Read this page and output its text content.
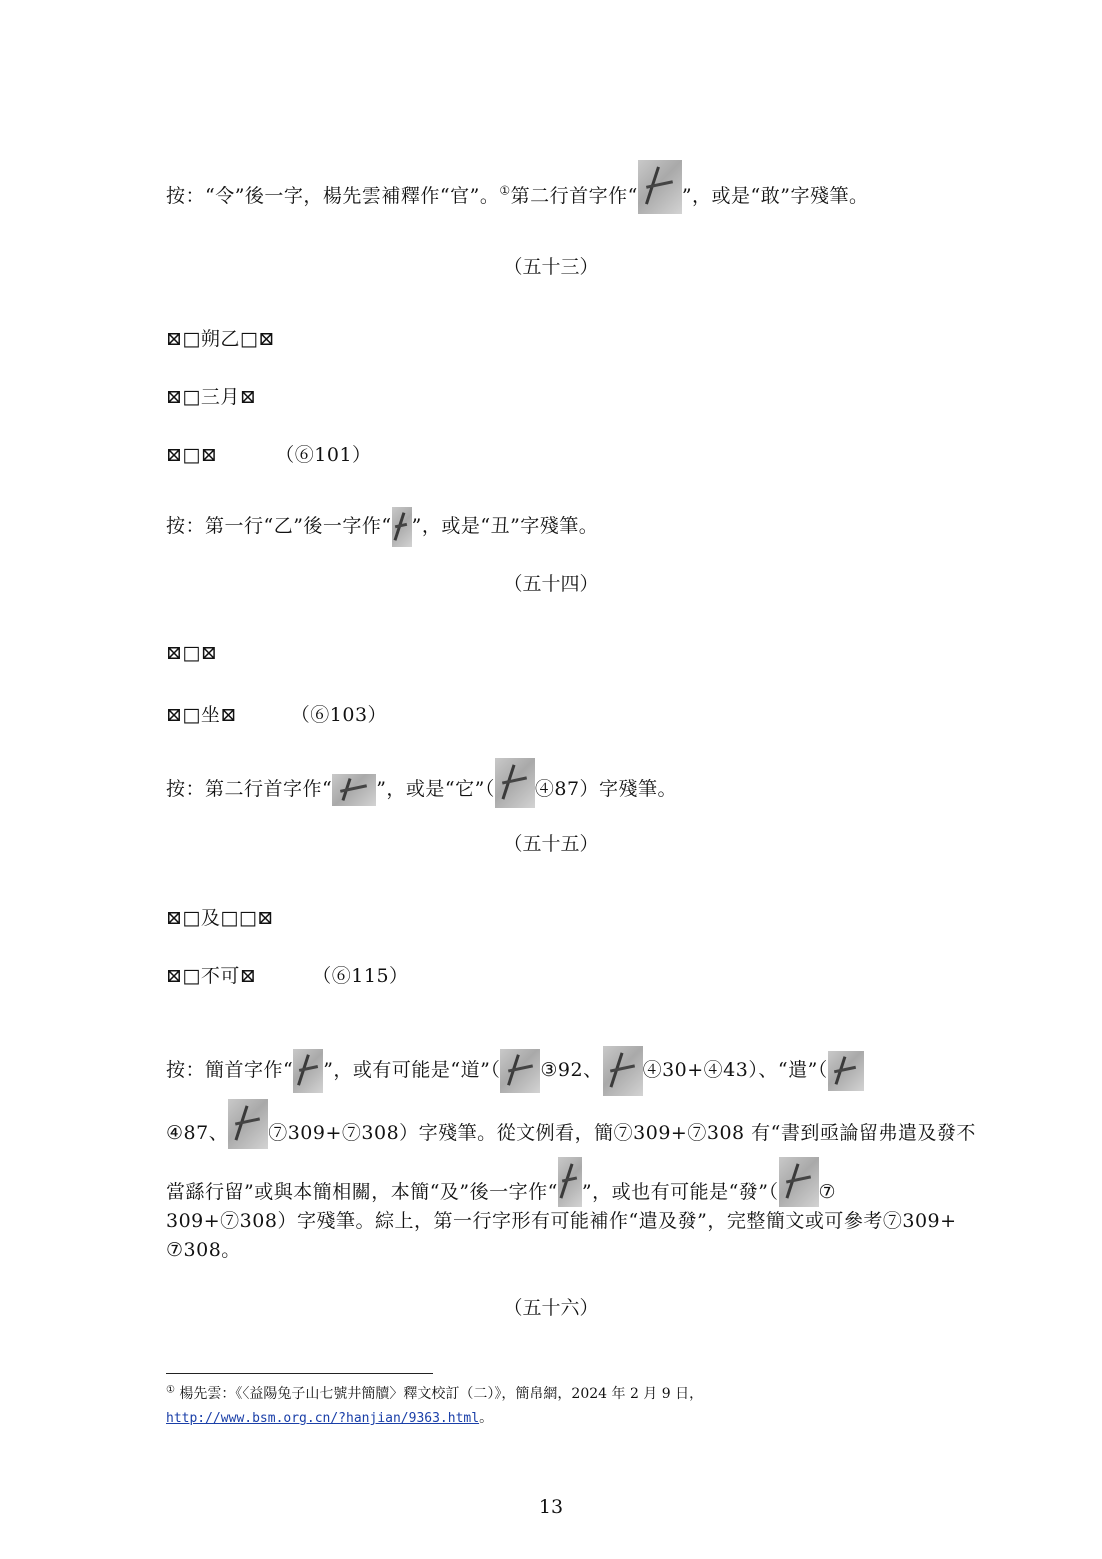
按：“令”後一字，楊先雲補釋作“官”。①第二行首字作“ ”，或是“敢”字殘筆。
（五十三）
⊠□朔乙□⊠
⊠□三月⊠
⊠□⊠	（⑥101）
按：第一行“乙”後一字作“ ”，或是“丑”字殘筆。
（五十四）
⊠□⊠
⊠□坐⊠	（⑥103）
按：第二行首字作“ ”，或是“它”（ ④87）字殘筆。
（五十五）
⊠□及□□⊠
⊠□不可⊠	（⑥115）
按：簡首字作“ ”，或有可能是“道”（ ③92、 ④30+④43）、“遣”（
④87、 ⑦309+⑦308）字殘筆。從文例看，簡⑦309+⑦308 有“書到亟論留弗遣及發不
當繇行留”或與本簡相關，本簡“及”後一字作“ ”，或也有可能是“發”（ ⑦
309+⑦308）字殘筆。綜上，第一行字形有可能補作“遣及發”，完整簡文或可參考⑦309+
⑦308。
（五十六）
① 楊先雲：《〈益陽兔子山七號井簡牘〉釋文校訂（二）》，簡帛網，2024 年 2 月 9 日，
http://www.bsm.org.cn/?hanjian/9363.html。
13
